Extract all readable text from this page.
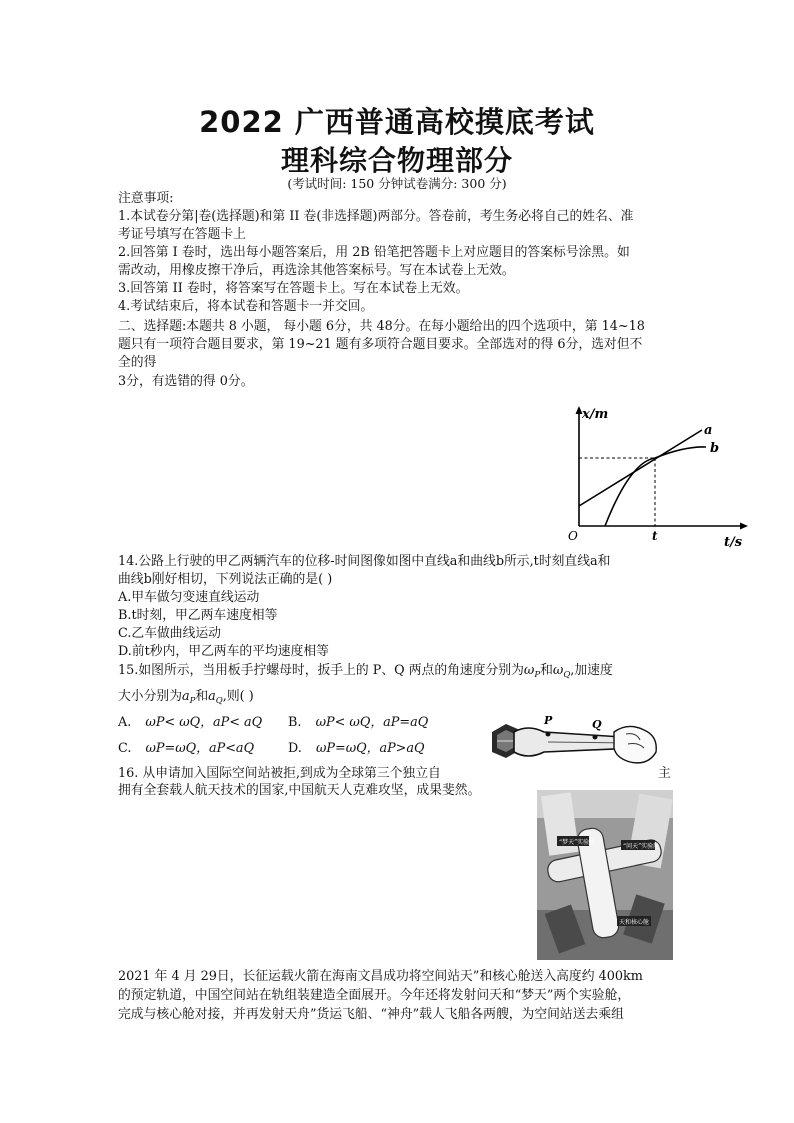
2022 广西普通高校摸底考试
理科综合物理部分
(考试时间: 150 分钟试卷满分: 300 分)
注意事项:
1.本试卷分第|卷(选择题)和第 II 卷(非选择题)两部分。答卷前，考生务必将自己的姓名、准
考证号填写在答题卡上
2.回答第 I 卷时，选出每小题答案后，用 2B 铅笔把答题卡上对应题目的答案标号涂黑。如
需改动，用橡皮擦干净后，再选涂其他答案标号。写在本试卷上无效。
3.回答第 II 卷时，将答案写在答题卡上。写在本试卷上无效。
4.考试结束后，将本试卷和答题卡一并交回。
二、选择题:本题共 8 小题， 每小题 6分，共 48分。在每小题给出的四个选项中，第 14~18
题只有一项符合题目要求，第 19~21 题有多项符合题目要求。全部选对的得 6分，选对但不
全的得
3分，有选错的得 0分。
x/m
t/s
O	t
a
b
14.公路上行驶的甲乙两辆汽车的位移-时间图像如图中直线a和曲线b所示,t时刻直线a和
曲线b刚好相切，下列说法正确的是( )
A.甲车做匀变速直线运动
B.t时刻，甲乙两车速度相等
C.乙车做曲线运动
D.前t秒内，甲乙两车的平均速度相等
15.如图所示，当用板手拧螺母时，扳手上的 P、Q 两点的角速度分别为$\omega_P$和$\omega_Q$,加速度
大小分别为$a_P$和$a_Q$,则( )
A. ωP< ωQ，aP< aQ B. ωP< ωQ，aP=aQ
C. ωP=ωQ，aP<aQ	D. ωP=ωQ，aP>aQ
P	Q
16. 从申请加入国际空间站被拒,到成为全球第三个独立自	主
拥有全套载人航天技术的国家,中国航天人克难攻坚，成果斐然。
“梦天”实验舱
“问天”实验舱
天和核心舱
2021 年 4 月 29日，长征运载火箭在海南文昌成功将空间站天”和核心舱送入高度约 400km
的预定轨道，中国空间站在轨组装建造全面展开。今年还将发射问天和“梦天”两个实验舱，
完成与核心舱对接，并再发射天舟”货运飞船、“神舟”载人飞船各两艘，为空间站送去乘组
